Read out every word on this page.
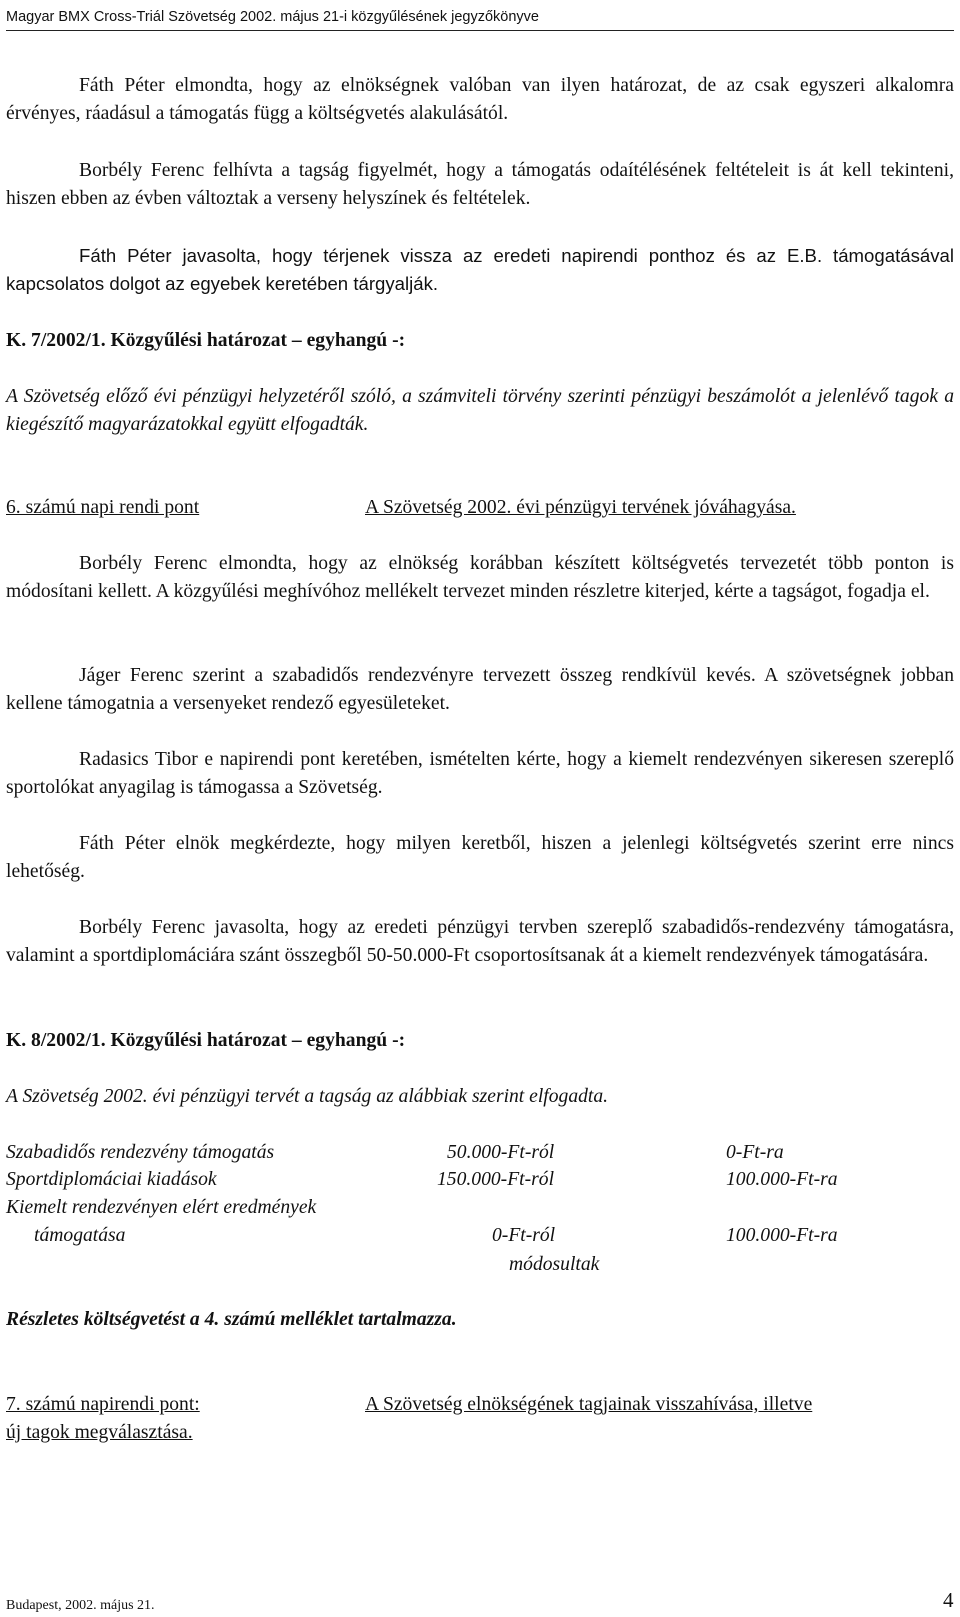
Magyar BMX Cross-Triál Szövetség 2002. május 21-i közgyűlésének jegyzőkönyve

Fáth Péter elmondta, hogy az elnökségnek valóban van ilyen határozat, de az csak egyszeri alkalomra érvényes, ráadásul a támogatás függ a költségvetés alakulásától.

Borbély Ferenc felhívta a tagság figyelmét, hogy a támogatás odaítélésének feltételeit is át kell tekinteni, hiszen ebben az évben változtak a verseny helyszínek és feltételek.

Fáth Péter javasolta, hogy térjenek vissza az eredeti napirendi ponthoz és az E.B. támogatásával kapcsolatos dolgot az egyebek keretében tárgyalják.

K. 7/2002/1. Közgyűlési határozat – egyhangú -:

A Szövetség előző évi pénzügyi helyzetéről szóló, a számviteli törvény szerinti pénzügyi beszámolót a jelenlévő tagok a kiegészítő magyarázatokkal együtt elfogadták.

6. számú napi rendi pont	A Szövetség 2002. évi pénzügyi tervének jóváhagyása.

Borbély Ferenc elmondta, hogy az elnökség korábban készített költségvetés tervezetét több ponton is módosítani kellett. A közgyűlési meghívóhoz mellékelt tervezet minden részletre kiterjed, kérte a tagságot, fogadja el.

Jáger Ferenc szerint a szabadidős rendezvényre tervezett összeg rendkívül kevés. A szövetségnek jobban kellene támogatnia a versenyeket rendező egyesületeket.

Radasics Tibor e napirendi pont keretében, ismételten kérte, hogy a kiemelt rendezvényen sikeresen szereplő sportolókat anyagilag is támogassa a Szövetség.

Fáth Péter elnök megkérdezte, hogy milyen keretből, hiszen a jelenlegi költségvetés szerint erre nincs lehetőség.

Borbély Ferenc javasolta, hogy az eredeti pénzügyi tervben szereplő szabadidős-rendezvény támogatásra, valamint a sportdiplomáciára szánt összegből 50-50.000-Ft csoportosítsanak át a kiemelt rendezvények támogatására.

K. 8/2002/1. Közgyűlési határozat – egyhangú -:
A Szövetség 2002. évi pénzügyi tervét a tagság az alábbiak szerint elfogadta.
Szabadidős rendezvény támogatás	50.000-Ft-ról	0-Ft-ra
Sportdiplomáciai kiadások	150.000-Ft-ról	100.000-Ft-ra
Kiemelt rendezvényen elért eredmények
támogatása	0-Ft-ról	100.000-Ft-ra
módosultak
Részletes költségvetést a 4. számú melléklet tartalmazza.
7. számú napirendi pont:	A Szövetség elnökségének tagjainak visszahívása, illetve
új tagok megválasztása.
Budapest, 2002. május 21.	4
